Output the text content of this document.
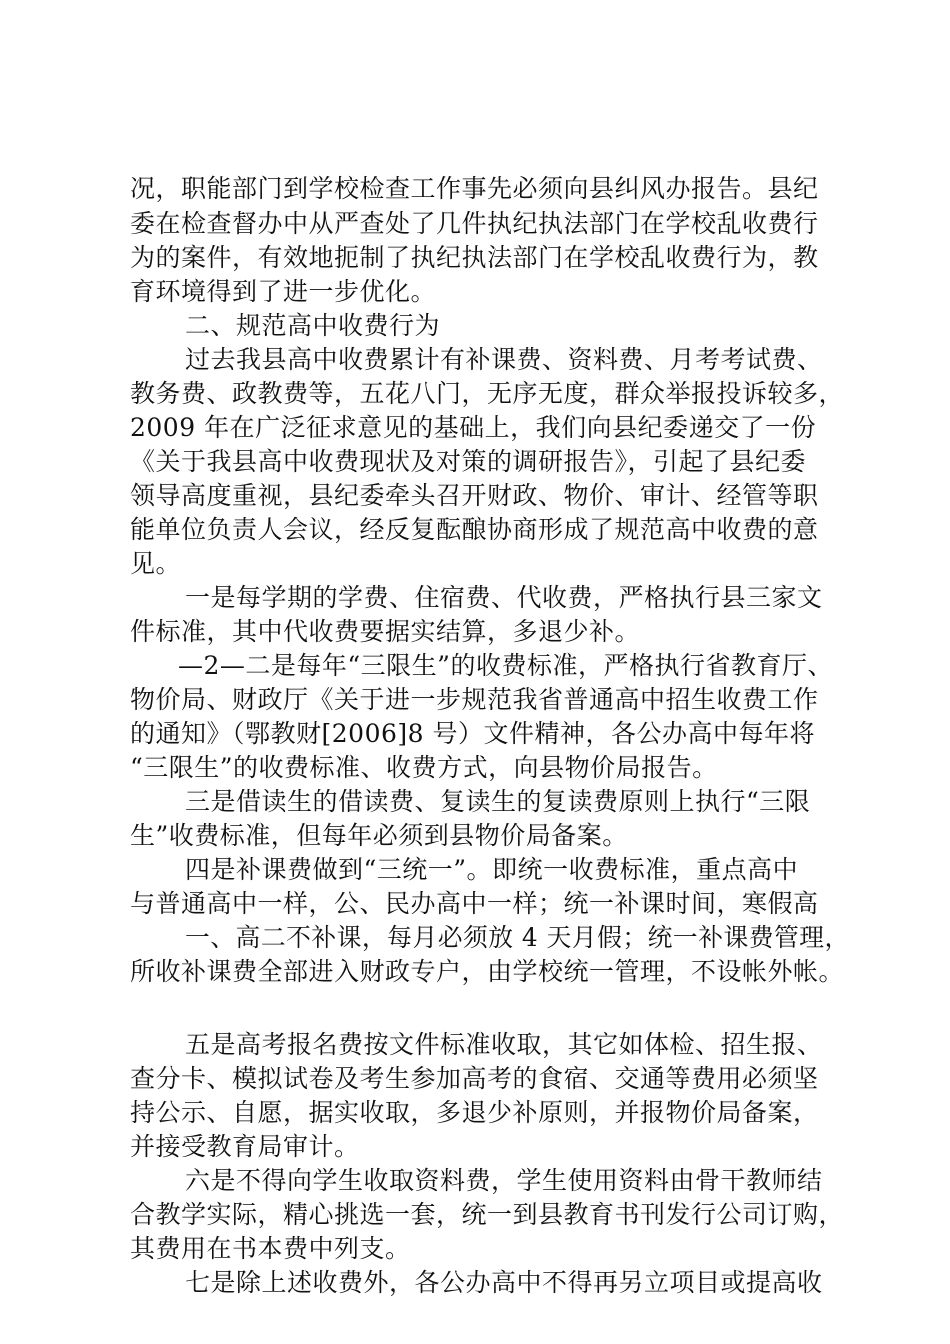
况，职能部门到学校检查工作事先必须向县纠风办报告。县纪
委在检查督办中从严查处了几件执纪执法部门在学校乱收费行
为的案件，有效地扼制了执纪执法部门在学校乱收费行为，教
育环境得到了进一步优化。
二、规范高中收费行为
过去我县高中收费累计有补课费、资料费、月考考试费、
教务费、政教费等，五花八门，无序无度，群众举报投诉较多，
2009 年在广泛征求意见的基础上，我们向县纪委递交了一份
《关于我县高中收费现状及对策的调研报告》，引起了县纪委
领导高度重视，县纪委牵头召开财政、物价、审计、经管等职
能单位负责人会议，经反复酝酿协商形成了规范高中收费的意
见。
一是每学期的学费、住宿费、代收费，严格执行县三家文
件标准，其中代收费要据实结算，多退少补。
—2—二是每年“三限生”的收费标准，严格执行省教育厅、
物价局、财政厅《关于进一步规范我省普通高中招生收费工作
的通知》（鄂教财[2006]8 号）文件精神，各公办高中每年将
“三限生”的收费标准、收费方式，向县物价局报告。
三是借读生的借读费、复读生的复读费原则上执行“三限
生”收费标准，但每年必须到县物价局备案。
四是补课费做到“三统一”。即统一收费标准，重点高中
与普通高中一样，公、民办高中一样；统一补课时间，寒假高
一、高二不补课，每月必须放 4 天月假；统一补课费管理，
所收补课费全部进入财政专户，由学校统一管理，不设帐外帐。
五是高考报名费按文件标准收取，其它如体检、招生报、
查分卡、模拟试卷及考生参加高考的食宿、交通等费用必须坚
持公示、自愿，据实收取，多退少补原则，并报物价局备案，
并接受教育局审计。
六是不得向学生收取资料费，学生使用资料由骨干教师结
合教学实际，精心挑选一套，统一到县教育书刊发行公司订购，
其费用在书本费中列支。
七是除上述收费外，各公办高中不得再另立项目或提高收
